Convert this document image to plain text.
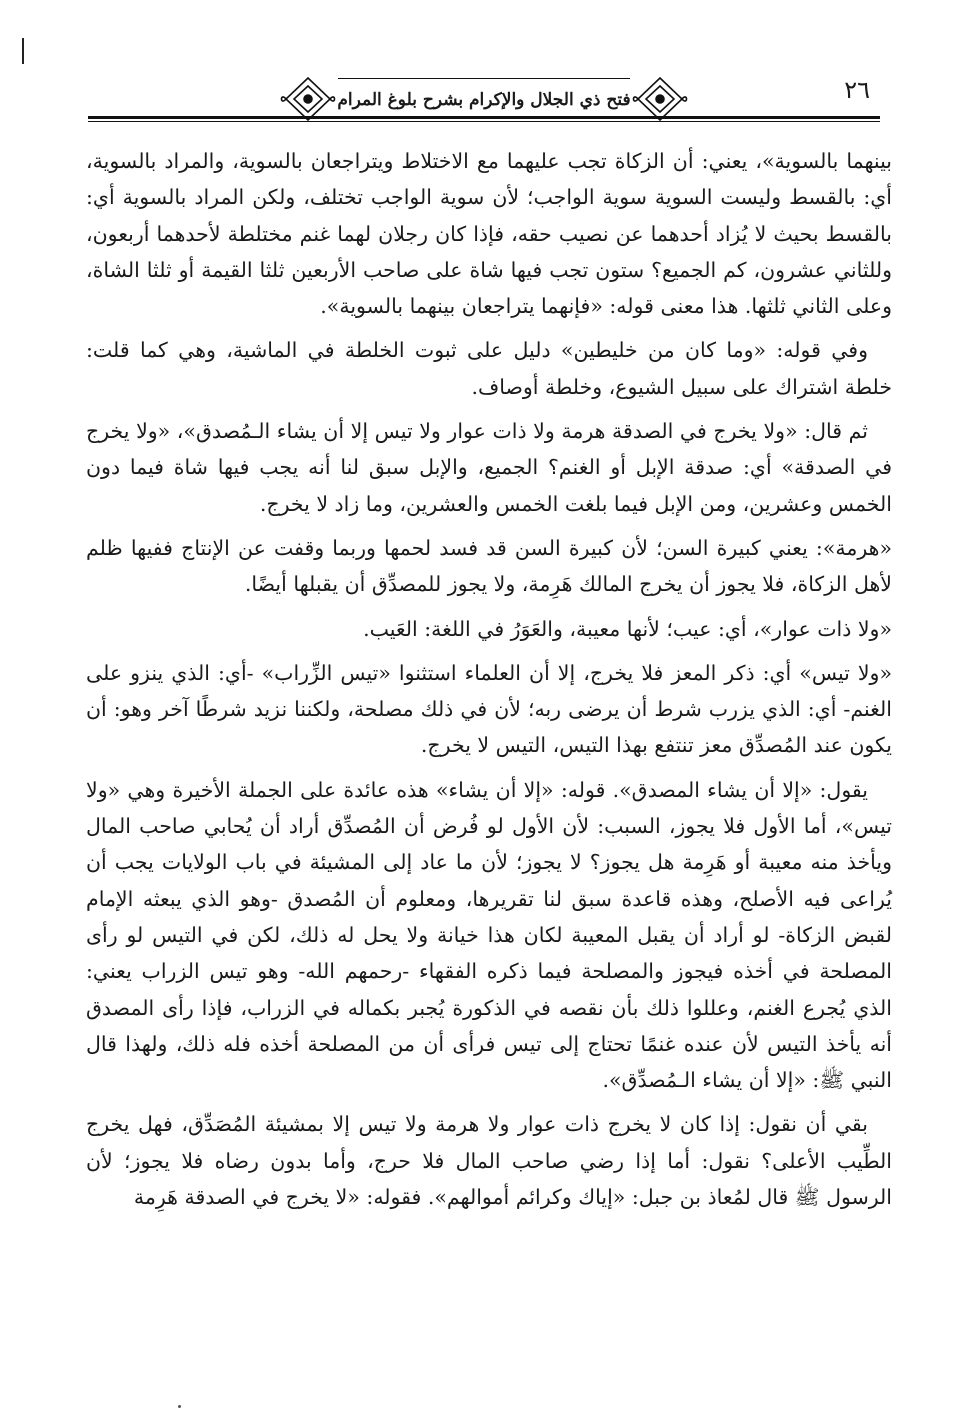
فتح ذي الجلال والإكرام بشرح بلوغ المرام	٢٦

بينهما بالسوية»، يعني: أن الزكاة تجب عليهما مع الاختلاط ويتراجعان بالسوية، والمراد بالسوية، أي: بالقسط وليست السوية سوية الواجب؛ لأن سوية الواجب تختلف، ولكن المراد بالسوية أي: بالقسط بحيث لا يُزاد أحدهما عن نصيب حقه، فإذا كان رجلان لهما غنم مختلطة لأحدهما أربعون، وللثاني عشرون، كم الجميع؟ ستون تجب فيها شاة على صاحب الأربعين ثلثا القيمة أو ثلثا الشاة، وعلى الثاني ثلثها. هذا معنى قوله: «فإنهما يتراجعان بينهما بالسوية».

وفي قوله: «وما كان من خليطين» دليل على ثبوت الخلطة في الماشية، وهي كما قلت: خلطة اشتراك على سبيل الشيوع، وخلطة أوصاف.

ثم قال: «ولا يخرج في الصدقة هرمة ولا ذات عوار ولا تيس إلا أن يشاء الـمُصدق»، «ولا يخرج في الصدقة» أي: صدقة الإبل أو الغنم؟ الجميع، والإبل سبق لنا أنه يجب فيها شاة فيما دون الخمس وعشرين، ومن الإبل فيما بلغت الخمس والعشرين، وما زاد لا يخرج.

«هرمة»: يعني كبيرة السن؛ لأن كبيرة السن قد فسد لحمها وربما وقفت عن الإنتاج ففيها ظلم لأهل الزكاة، فلا يجوز أن يخرج المالك هَرِمة، ولا يجوز للمصدِّق أن يقبلها أيضًا.

«ولا ذات عوار»، أي: عيب؛ لأنها معيبة، والعَوَرُ في اللغة: العَيب.

«ولا تيس» أي: ذكر المعز فلا يخرج، إلا أن العلماء استثنوا «تيس الزِّراب» -أي: الذي ينزو على الغنم- أي: الذي يزرب شرط أن يرضى ربه؛ لأن في ذلك مصلحة، ولكننا نزيد شرطًا آخر وهو: أن يكون عند المُصدِّق معز تنتفع بهذا التيس، التيس لا يخرج.

يقول: «إلا أن يشاء المصدق». قوله: «إلا أن يشاء» هذه عائدة على الجملة الأخيرة وهي «ولا تيس»، أما الأول فلا يجوز، السبب: لأن الأول لو فُرض أن المُصدِّق أراد أن يُحابي صاحب المال ويأخذ منه معيبة أو هَرِمة هل يجوز؟ لا يجوز؛ لأن ما عاد إلى المشيئة في باب الولايات يجب أن يُراعى فيه الأصلح، وهذه قاعدة سبق لنا تقريرها، ومعلوم أن المُصدق -وهو الذي يبعثه الإمام لقبض الزكاة- لو أراد أن يقبل المعيبة لكان هذا خيانة ولا يحل له ذلك، لكن في التيس لو رأى المصلحة في أخذه فيجوز والمصلحة فيما ذكره الفقهاء -رحمهم الله- وهو تيس الزراب يعني: الذي يُجرع الغنم، وعللوا ذلك بأن نقصه في الذكورة يُجبر بكماله في الزراب، فإذا رأى المصدق أنه يأخذ التيس لأن عنده غنمًا تحتاج إلى تيس فرأى أن من المصلحة أخذه فله ذلك، ولهذا قال النبي ﷺ: «إلا أن يشاء الـمُصدِّق».

بقي أن نقول: إذا كان لا يخرج ذات عوار ولا هرمة ولا تيس إلا بمشيئة المُصَدِّق، فهل يخرج الطِّيب الأعلى؟ نقول: أما إذا رضي صاحب المال فلا حرج، وأما بدون رضاه فلا يجوز؛ لأن الرسول ﷺ قال لمُعاذ بن جبل: «إياك وكرائم أموالهم». فقوله: «لا يخرج في الصدقة هَرِمة
